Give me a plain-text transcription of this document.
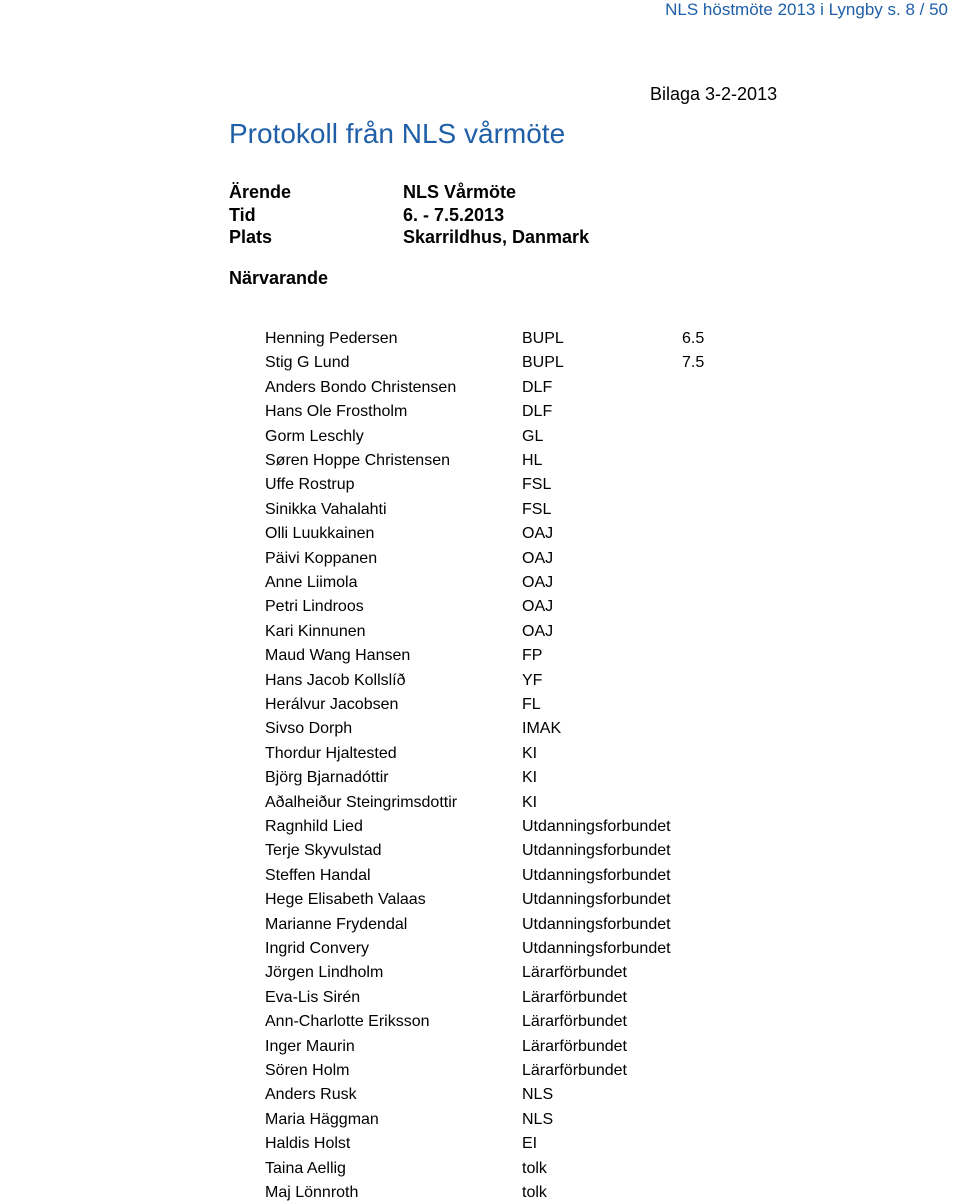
NLS höstmöte 2013 i Lyngby s. 8 / 50
Bilaga 3-2-2013
Protokoll från NLS vårmöte
Ärende	NLS Vårmöte
Tid	6. - 7.5.2013
Plats	Skarrildhus, Danmark
Närvarande
Henning Pedersen	BUPL	6.5
Stig G Lund	BUPL	7.5
Anders Bondo Christensen	DLF
Hans Ole Frostholm	DLF
Gorm Leschly	GL
Søren Hoppe Christensen	HL
Uffe Rostrup	FSL
Sinikka Vahalahti	FSL
Olli Luukkainen	OAJ
Päivi Koppanen	OAJ
Anne Liimola	OAJ
Petri Lindroos	OAJ
Kari Kinnunen	OAJ
Maud Wang Hansen	FP
Hans Jacob Kollslíð	YF
Herálvur Jacobsen	FL
Sivso Dorph	IMAK
Thordur Hjaltested	KI
Björg Bjarnadóttir	KI
Aðalheiður Steingrimsdottir	KI
Ragnhild Lied	Utdanningsforbundet
Terje Skyvulstad	Utdanningsforbundet
Steffen Handal	Utdanningsforbundet
Hege Elisabeth Valaas	Utdanningsforbundet
Marianne Frydendal	Utdanningsforbundet
Ingrid Convery	Utdanningsforbundet
Jörgen Lindholm	Lärarförbundet
Eva-Lis Sirén	Lärarförbundet
Ann-Charlotte Eriksson	Lärarförbundet
Inger Maurin	Lärarförbundet
Sören Holm	Lärarförbundet
Anders Rusk	NLS
Maria Häggman	NLS
Haldis Holst	EI
Taina Aellig	tolk
Maj Lönnroth	tolk
